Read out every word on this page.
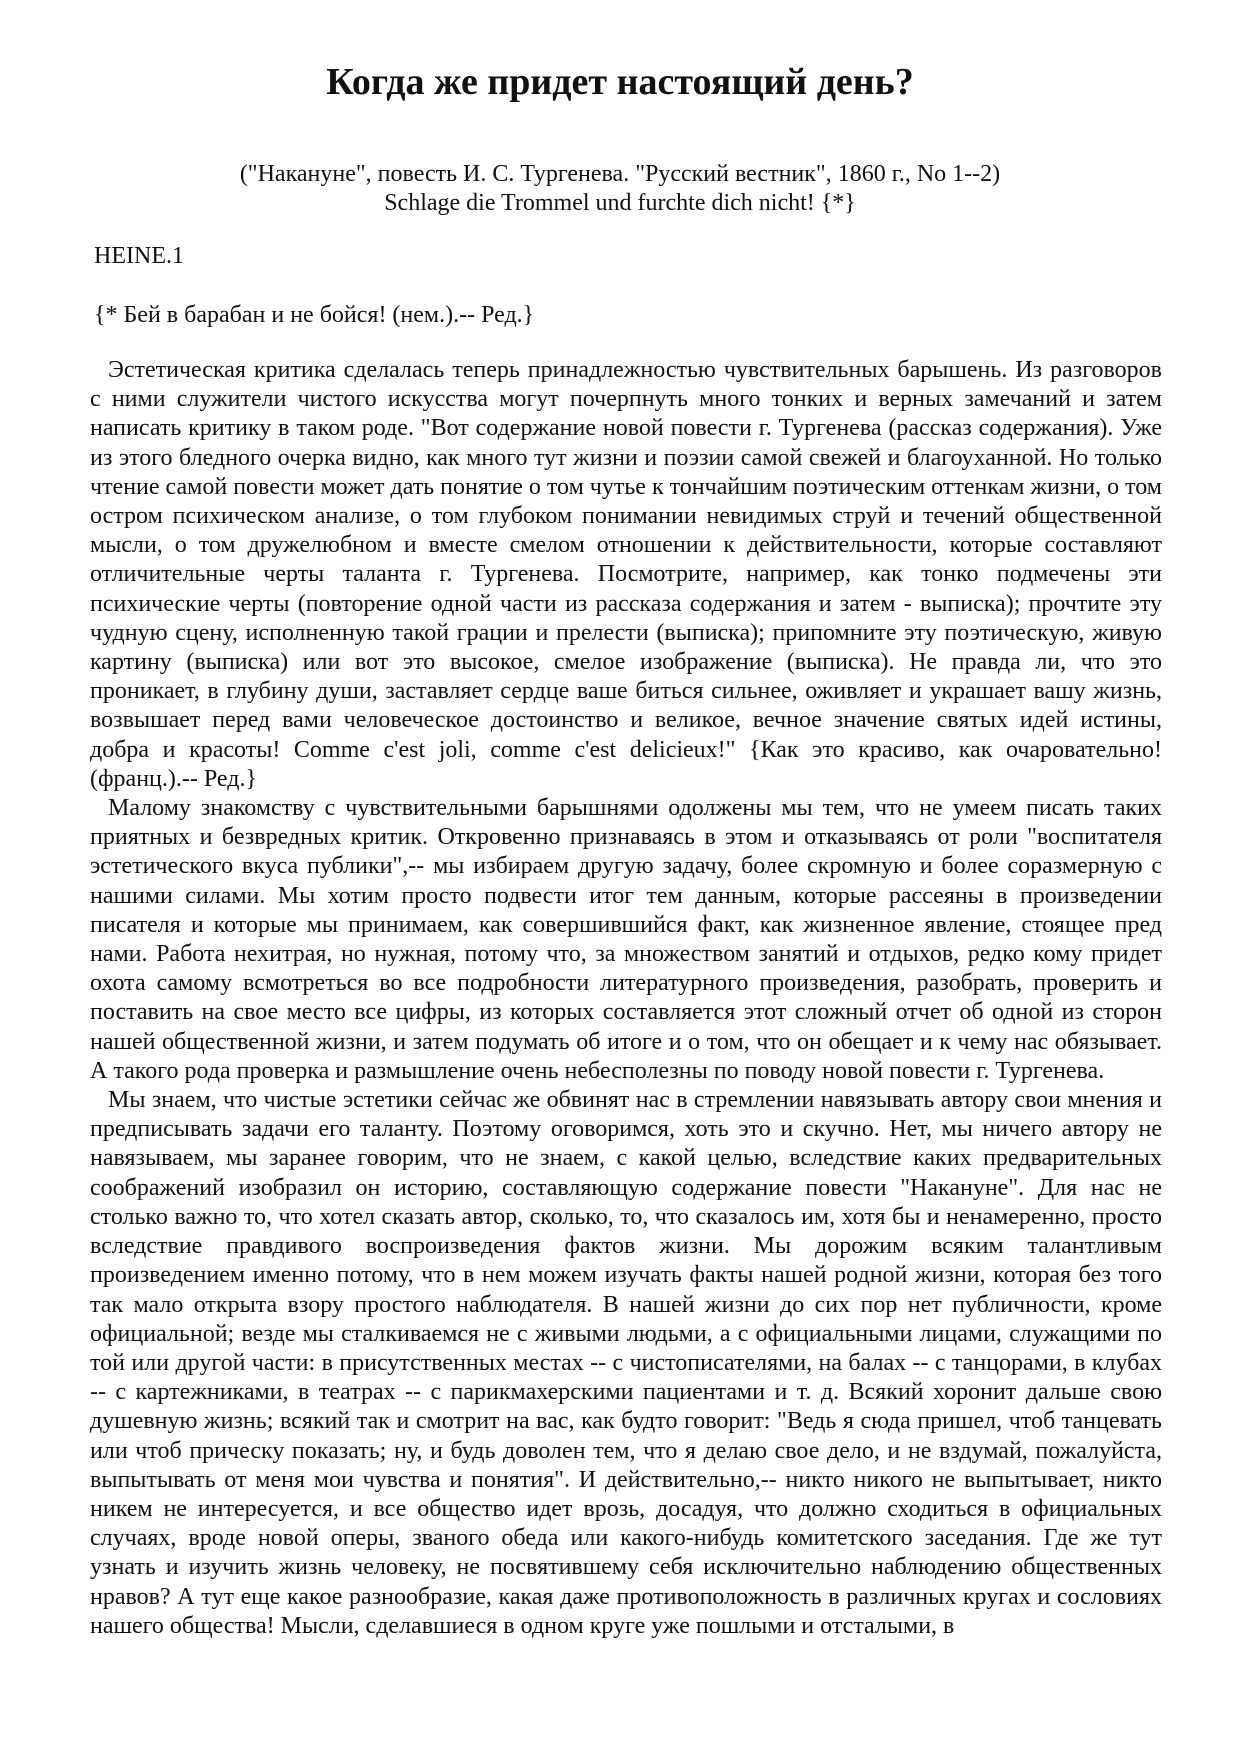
Когда же придет настоящий день?
("Накануне", повесть И. С. Тургенева. "Русский вестник", 1860 г., No 1--2)
Schlage die Trommel und furchte dich nicht! {*}
HEINE.1
{* Бей в барабан и не бойся! (нем.).-- Ред.}

Эстетическая критика сделалась теперь принадлежностью чувствительных барышень. Из разговоров с ними служители чистого искусства могут почерпнуть много тонких и верных замечаний и затем написать критику в таком роде. "Вот содержание новой повести г. Тургенева (рассказ содержания). Уже из этого бледного очерка видно, как много тут жизни и поэзии самой свежей и благоуханной. Но только чтение самой повести может дать понятие о том чутье к тончайшим поэтическим оттенкам жизни, о том остром психическом анализе, о том глубоком понимании невидимых струй и течений общественной мысли, о том дружелюбном и вместе смелом отношении к действительности, которые составляют отличительные черты таланта г. Тургенева. Посмотрите, например, как тонко подмечены эти психические черты (повторение одной части из рассказа содержания и затем - выписка); прочтите эту чудную сцену, исполненную такой грации и прелести (выписка); припомните эту поэтическую, живую картину (выписка) или вот это высокое, смелое изображение (выписка). Не правда ли, что это проникает, в глубину души, заставляет сердце ваше биться сильнее, оживляет и украшает вашу жизнь, возвышает перед вами человеческое достоинство и великое, вечное значение святых идей истины, добра и красоты! Comme c'est joli, comme c'est delicieux!" {Как это красиво, как очаровательно! (франц.).-- Ред.}

Малому знакомству с чувствительными барышнями одолжены мы тем, что не умеем писать таких приятных и безвредных критик. Откровенно признаваясь в этом и отказываясь от роли "воспитателя эстетического вкуса публики",-- мы избираем другую задачу, более скромную и более соразмерную с нашими силами. Мы хотим просто подвести итог тем данным, которые рассеяны в произведении писателя и которые мы принимаем, как совершившийся факт, как жизненное явление, стоящее пред нами. Работа нехитрая, но нужная, потому что, за множеством занятий и отдыхов, редко кому придет охота самому всмотреться во все подробности литературного произведения, разобрать, проверить и поставить на свое место все цифры, из которых составляется этот сложный отчет об одной из сторон нашей общественной жизни, и затем подумать об итоге и о том, что он обещает и к чему нас обязывает. А такого рода проверка и размышление очень небесполезны по поводу новой повести г. Тургенева.

Мы знаем, что чистые эстетики сейчас же обвинят нас в стремлении навязывать автору свои мнения и предписывать задачи его таланту. Поэтому оговоримся, хоть это и скучно. Нет, мы ничего автору не навязываем, мы заранее говорим, что не знаем, с какой целью, вследствие каких предварительных соображений изобразил он историю, составляющую содержание повести "Накануне". Для нас не столько важно то, что хотел сказать автор, сколько, то, что сказалось им, хотя бы и ненамеренно, просто вследствие правдивого воспроизведения фактов жизни. Мы дорожим всяким талантливым произведением именно потому, что в нем можем изучать факты нашей родной жизни, которая без того так мало открыта взору простого наблюдателя. В нашей жизни до сих пор нет публичности, кроме официальной; везде мы сталкиваемся не с живыми людьми, а с официальными лицами, служащими по той или другой части: в присутственных местах -- с чистописателями, на балах -- с танцорами, в клубах -- с картежниками, в театрах -- с парикмахерскими пациентами и т. д. Всякий хоронит дальше свою душевную жизнь; всякий так и смотрит на вас, как будто говорит: "Ведь я сюда пришел, чтоб танцевать или чтоб прическу показать; ну, и будь доволен тем, что я делаю свое дело, и не вздумай, пожалуйста, выпытывать от меня мои чувства и понятия". И действительно,-- никто никого не выпытывает, никто никем не интересуется, и все общество идет врозь, досадуя, что должно сходиться в официальных случаях, вроде новой оперы, званого обеда или какого-нибудь комитетского заседания. Где же тут узнать и изучить жизнь человеку, не посвятившему себя исключительно наблюдению общественных нравов? А тут еще какое разнообразие, какая даже противоположность в различных кругах и сословиях нашего общества! Мысли, сделавшиеся в одном круге уже пошлыми и отсталыми, в
